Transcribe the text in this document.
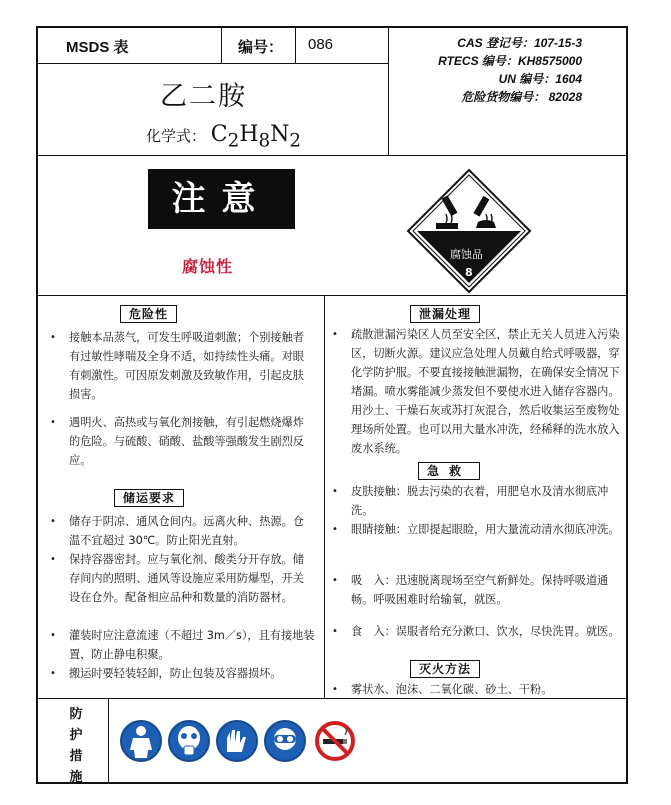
MSDS 表	编号： 086
乙二胺
化学式： $C_2H_8N_2$
CAS 登记号：107-15-3
RTECS 编号：KH8575000
UN 编号：1604
危险货物编号： 82028
注意
腐蚀性
腐蚀品
8
危险性
• 接触本品蒸气，可发生呼吸道刺激；个别接触者有过敏性哮喘及全身不适，如持续性头痛。对眼有刺激性。可因原发刺激及致敏作用，引起皮肤损害。
• 遇明火、高热或与氧化剂接触，有引起燃烧爆炸的危险。与硫酸、硝酸、盐酸等强酸发生剧烈反应。
储运要求
• 储存于阴凉、通风仓间内。远离火种、热源。仓温不宜超过 30℃。防止阳光直射。
• 保持容器密封。应与氧化剂、酸类分开存放。储存间内的照明、通风等设施应采用防爆型，开关设在仓外。配备相应品种和数量的消防器材。
• 灌装时应注意流速（不超过 3m／s），且有接地装置，防止静电积聚。
• 搬运时要轻装轻卸，防止包装及容器损坏。
泄漏处理
• 疏散泄漏污染区人员至安全区，禁止无关人员进入污染区，切断火源。建议应急处理人员戴自给式呼吸器，穿化学防护服。不要直接接触泄漏物，在确保安全情况下堵漏。喷水雾能减少蒸发但不要使水进入储存容器内。用沙土、干燥石灰或苏打灰混合，然后收集运至废物处理场所处置。也可以用大量水冲洗，经稀释的洗水放入废水系统。
急救
• 皮肤接触：脱去污染的衣着，用肥皂水及清水彻底冲洗。
• 眼睛接触：立即提起眼睑，用大量流动清水彻底冲洗。
• 吸　入：迅速脱离现场至空气新鲜处。保持呼吸道通畅。呼吸困难时给输氧，就医。
• 食　入：误服者给充分漱口、饮水，尽快洗胃。就医。
灭火方法
• 雾状水、泡沫、二氧化碳、砂土、干粉。
防护措施
